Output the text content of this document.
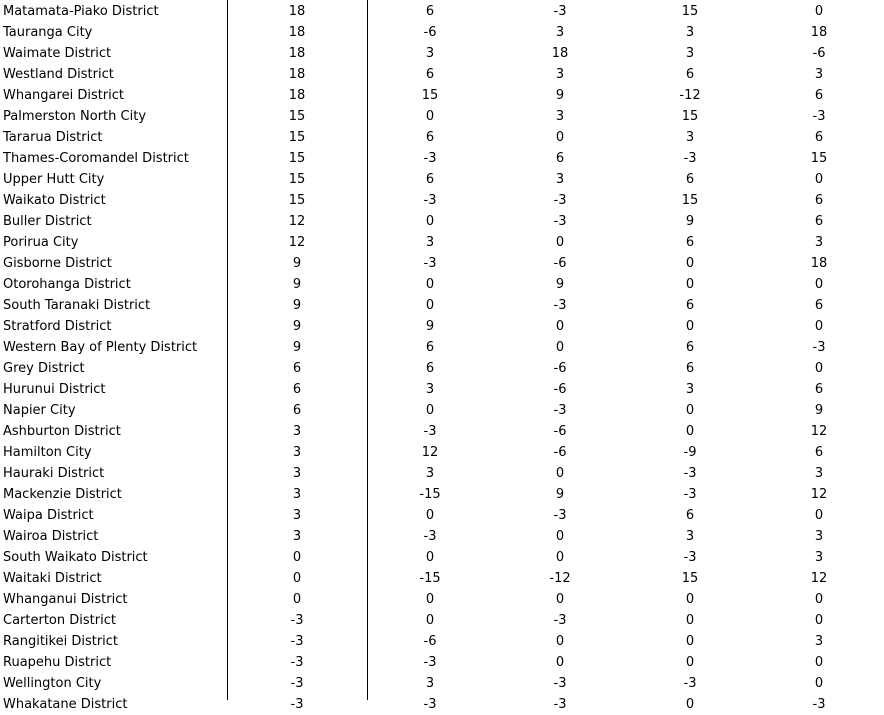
Matamata-Piako District	18	6	-3	15	0
Tauranga City	18	-6	3	3	18
Waimate District	18	3	18	3	-6
Westland District	18	6	3	6	3
Whangarei District	18	15	9	-12	6
Palmerston North City	15	0	3	15	-3
Tararua District	15	6	0	3	6
Thames-Coromandel District	15	-3	6	-3	15
Upper Hutt City	15	6	3	6	0
Waikato District	15	-3	-3	15	6
Buller District	12	0	-3	9	6
Porirua City	12	3	0	6	3
Gisborne District	9	-3	-6	0	18
Otorohanga District	9	0	9	0	0
South Taranaki District	9	0	-3	6	6
Stratford District	9	9	0	0	0
Western Bay of Plenty District	9	6	0	6	-3
Grey District	6	6	-6	6	0
Hurunui District	6	3	-6	3	6
Napier City	6	0	-3	0	9
Ashburton District	3	-3	-6	0	12
Hamilton City	3	12	-6	-9	6
Hauraki District	3	3	0	-3	3
Mackenzie District	3	-15	9	-3	12
Waipa District	3	0	-3	6	0
Wairoa District	3	-3	0	3	3
South Waikato District	0	0	0	-3	3
Waitaki District	0	-15	-12	15	12
Whanganui District	0	0	0	0	0
Carterton District	-3	0	-3	0	0
Rangitikei District	-3	-6	0	0	3
Ruapehu District	-3	-3	0	0	0
Wellington City	-3	3	-3	-3	0
Whakatane District	-3	-3	-3	0	-3
